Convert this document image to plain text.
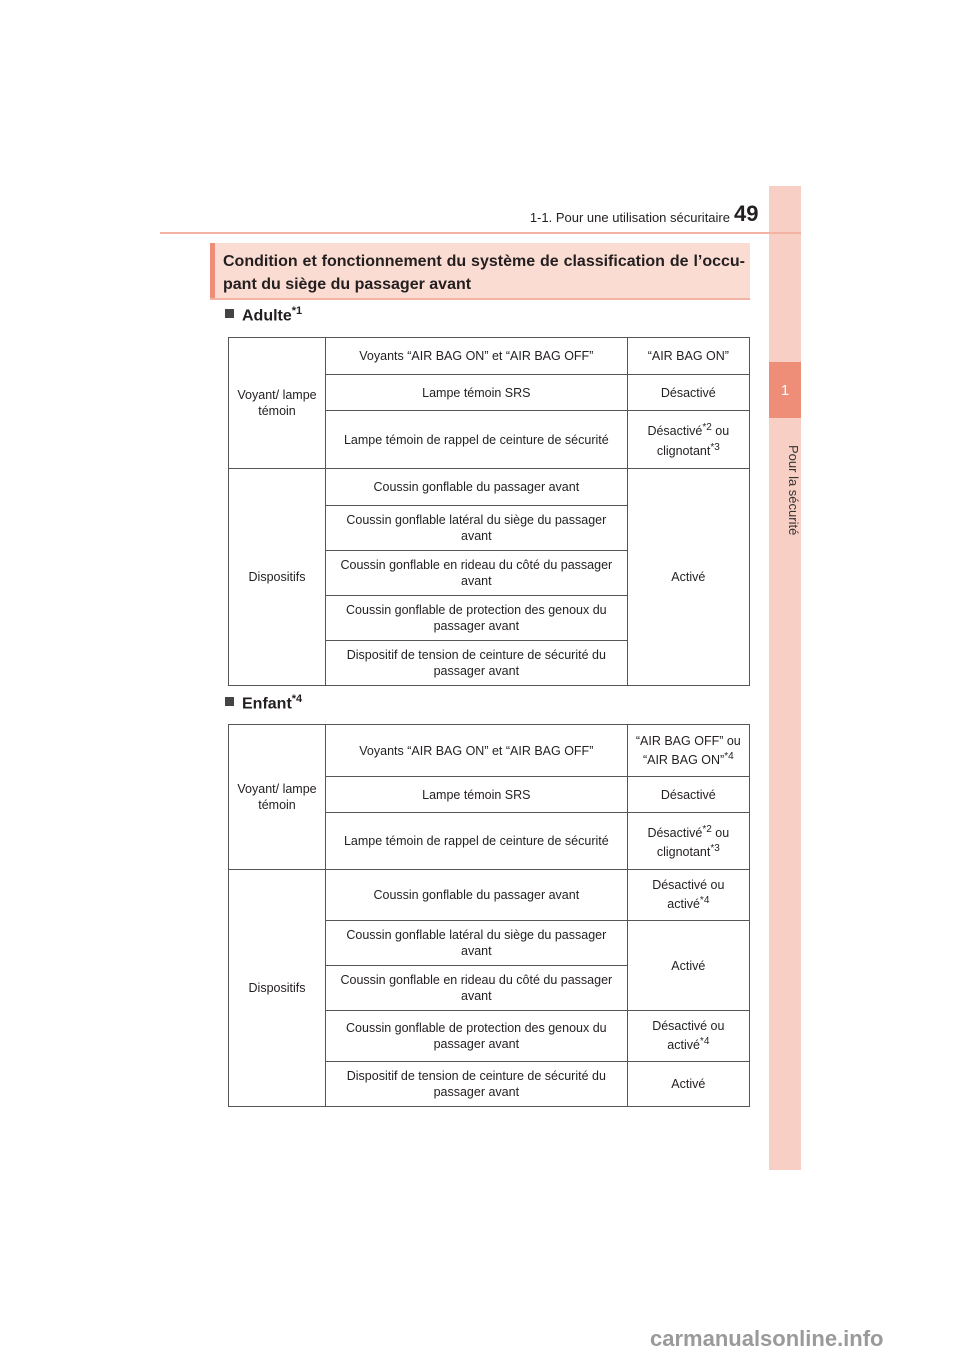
1
Pour la sécurité
1-1. Pour une utilisation sécuritaire 49
Condition et fonctionnement du système de classification de l’occu-pant du siège du passager avant
Adulte$^{*1}$
Voyant/ lampe témoin	Voyants “AIR BAG ON” et “AIR BAG OFF”	“AIR BAG ON”
	Lampe témoin SRS	Désactivé
	Lampe témoin de rappel de ceinture de sécurité	Désactivé$^{*2}$ ou clignotant$^{*3}$
Dispositifs	Coussin gonflable du passager avant	Activé
	Coussin gonflable latéral du siège du passager avant	
	Coussin gonflable en rideau du côté du passager avant	
	Coussin gonflable de protection des genoux du passager avant	
	Dispositif de tension de ceinture de sécurité du passager avant	
Enfant$^{*4}$
Voyant/ lampe témoin	Voyants “AIR BAG ON” et “AIR BAG OFF”	“AIR BAG OFF” ou “AIR BAG ON”$^{*4}$
	Lampe témoin SRS	Désactivé
	Lampe témoin de rappel de ceinture de sécurité	Désactivé$^{*2}$ ou clignotant$^{*3}$
Dispositifs	Coussin gonflable du passager avant	Désactivé ou activé$^{*4}$
	Coussin gonflable latéral du siège du passager avant	Activé
	Coussin gonflable en rideau du côté du passager avant	
	Coussin gonflable de protection des genoux du passager avant	Désactivé ou activé$^{*4}$
	Dispositif de tension de ceinture de sécurité du passager avant	Activé
carmanualsonline.info
